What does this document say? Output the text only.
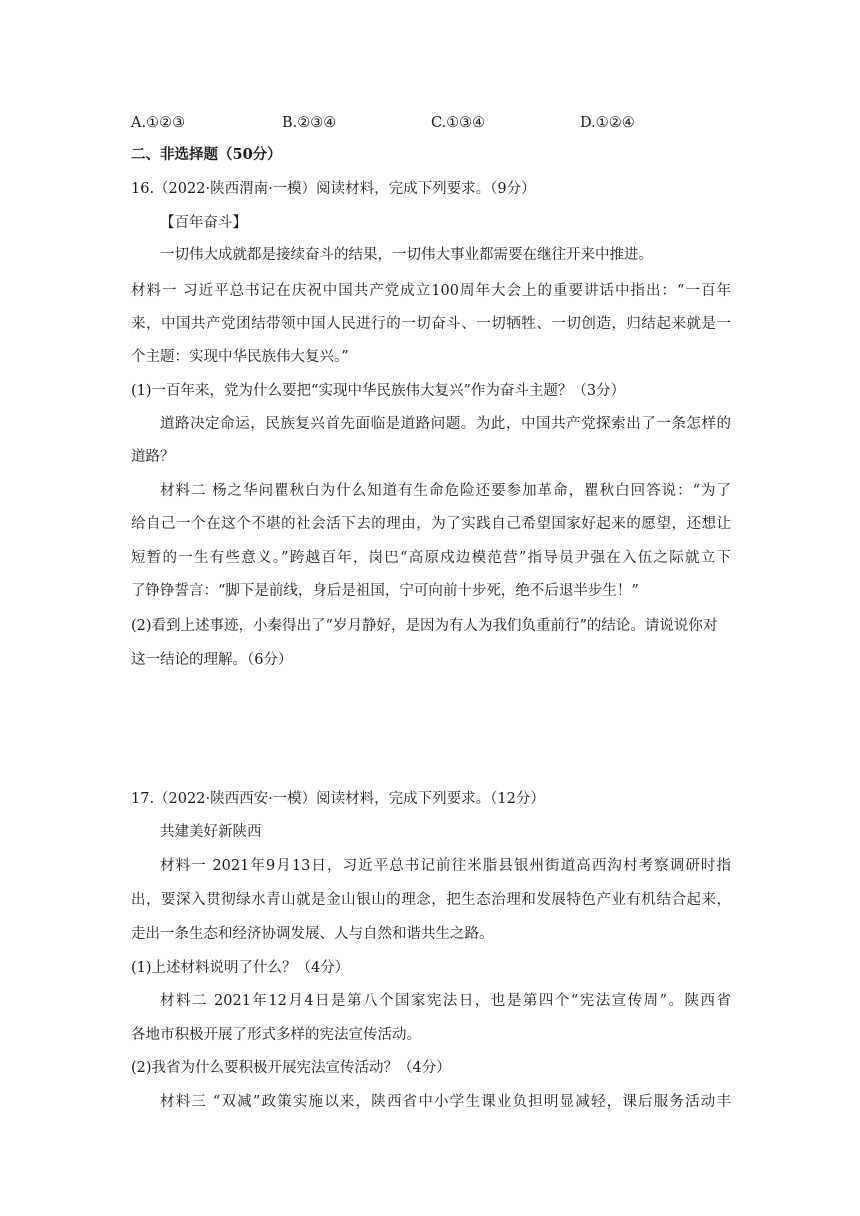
A.①②③	B.②③④	C.①③④	D.①②④
二、非选择题（50分）
16.（2022·陕西渭南·一模）阅读材料，完成下列要求。（9分）
【百年奋斗】
一切伟大成就都是接续奋斗的结果，一切伟大事业都需要在继往开来中推进。
材料一 习近平总书记在庆祝中国共产党成立100周年大会上的重要讲话中指出：“一百年
来，中国共产党团结带领中国人民进行的一切奋斗、一切牺牲、一切创造，归结起来就是一
个主题：实现中华民族伟大复兴。”
(1)一百年来，党为什么要把“实现中华民族伟大复兴”作为奋斗主题？（3分）
道路决定命运，民族复兴首先面临是道路问题。为此，中国共产党探索出了一条怎样的
道路？
材料二 杨之华问瞿秋白为什么知道有生命危险还要参加革命，瞿秋白回答说：“为了
给自己一个在这个不堪的社会活下去的理由，为了实践自己希望国家好起来的愿望，还想让
短暂的一生有些意义。”跨越百年，岗巴“高原戍边模范营”指导员尹强在入伍之际就立下
了铮铮誓言：“脚下是前线，身后是祖国，宁可向前十步死，绝不后退半步生！”
(2)看到上述事迹，小秦得出了“岁月静好，是因为有人为我们负重前行”的结论。请说说你对
这一结论的理解。（6分）
17.（2022·陕西西安·一模）阅读材料，完成下列要求。（12分）
共建美好新陕西
材料一 2021年9月13日，习近平总书记前往米脂县银州街道高西沟村考察调研时指
出，要深入贯彻绿水青山就是金山银山的理念，把生态治理和发展特色产业有机结合起来，
走出一条生态和经济协调发展、人与自然和谐共生之路。
(1)上述材料说明了什么？（4分）
材料二 2021年12月4日是第八个国家宪法日，也是第四个“宪法宣传周”。陕西省
各地市积极开展了形式多样的宪法宣传活动。
(2)我省为什么要积极开展宪法宣传活动？（4分）
材料三 “双减”政策实施以来，陕西省中小学生课业负担明显减轻，课后服务活动丰
